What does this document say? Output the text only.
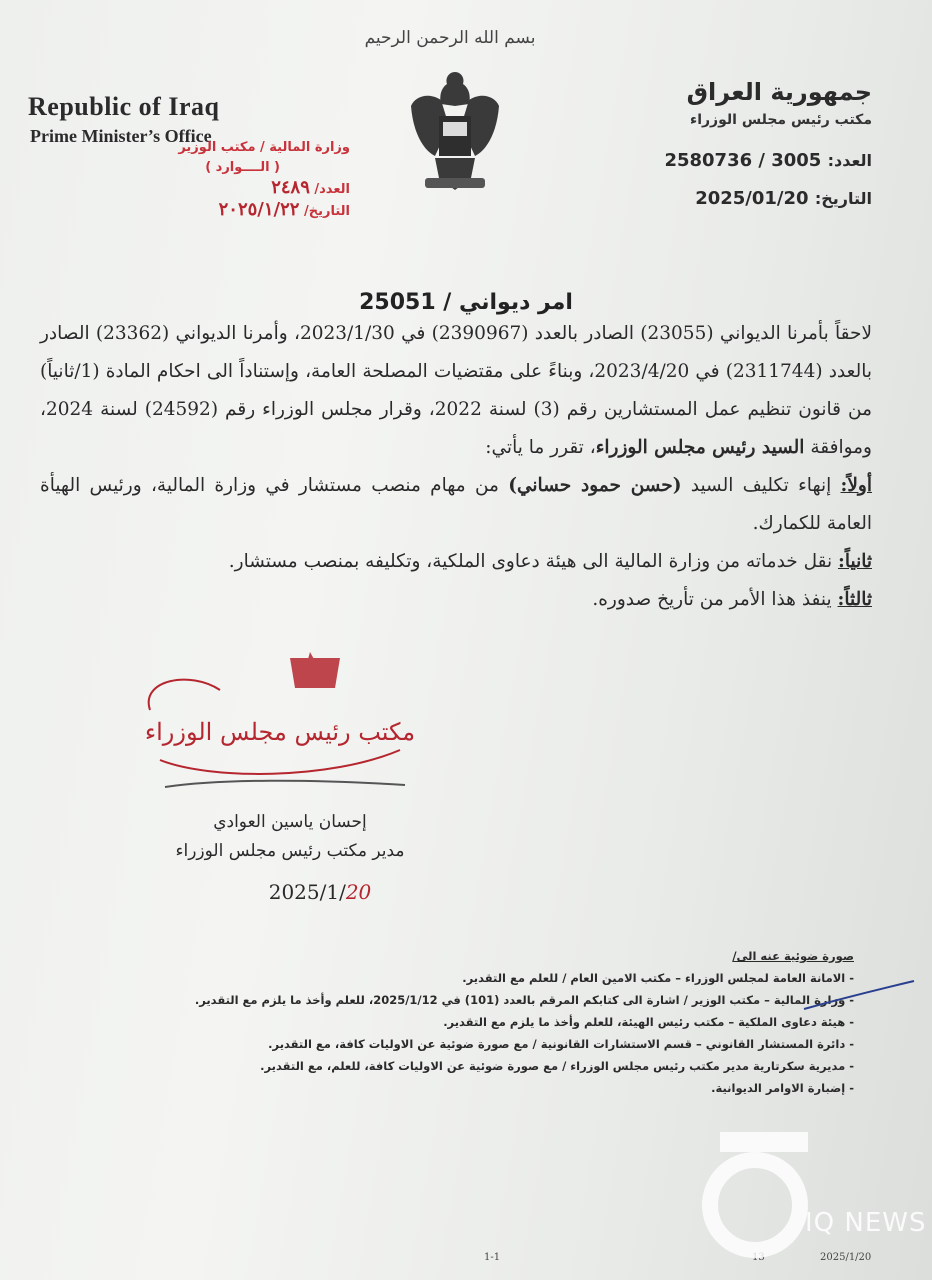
بسم الله الرحمن الرحيم
Republic of Iraq
Prime Minister’s Office
جمهورية العراق
مكتب رئيس مجلس الوزراء
العدد: 2580736 / 3005
التاريخ: 2025/01/20
وزارة المالية / مكتب الوزير
( الــــوارد )
العدد/ ٢٤٨٩
التاريخ/ ٢٠٢٥/١/٢٢
امر ديواني / 25051

لاحقاً بأمرنا الديواني (23055) الصادر بالعدد (2390967) في 2023/1/30، وأمرنا الديواني (23362) الصادر بالعدد (2311744) في 2023/4/20، وبناءً على مقتضيات المصلحة العامة، وإستناداً الى احكام المادة (1/ثانياً) من قانون تنظيم عمل المستشارين رقم (3) لسنة 2022، وقرار مجلس الوزراء رقم (24592) لسنة 2024، وموافقة السيد رئيس مجلس الوزراء، تقرر ما يأتي:

أولاً: إنهاء تكليف السيد (حسن حمود حساني) من مهام منصب مستشار في وزارة المالية، ورئيس الهيأة العامة للكمارك.

ثانياً: نقل خدماته من وزارة المالية الى هيئة دعاوى الملكية، وتكليفه بمنصب مستشار.

ثالثاً: ينفذ هذا الأمر من تأريخ صدوره.

مكتب رئيس مجلس الوزراء
إحسان ياسين العوادي
مدير مكتب رئيس مجلس الوزراء
2025/1/20
صورة ضوئية عنه الى/
- الامانة العامة لمجلس الوزراء – مكتب الامين العام / للعلم مع التقدير.
- وزارة المالية – مكتب الوزير / اشارة الى كتابكم المرقم بالعدد (101) في 2025/1/12، للعلم وأخذ ما يلزم مع التقدير.
- هيئة دعاوى الملكية – مكتب رئيس الهيئة، للعلم وأخذ ما يلزم مع التقدير.
- دائرة المستشار القانوني – قسم الاستشارات القانونية / مع صورة ضوئية عن الاوليات كافة، مع التقدير.
- مديرية سكرتارية مدير مكتب رئيس مجلس الوزراء / مع صورة ضوئية عن الاوليات كافة، للعلم، مع التقدير.
- إضبارة الاوامر الديوانية.
1-1	13	2025/1/20
IQ NEWS
